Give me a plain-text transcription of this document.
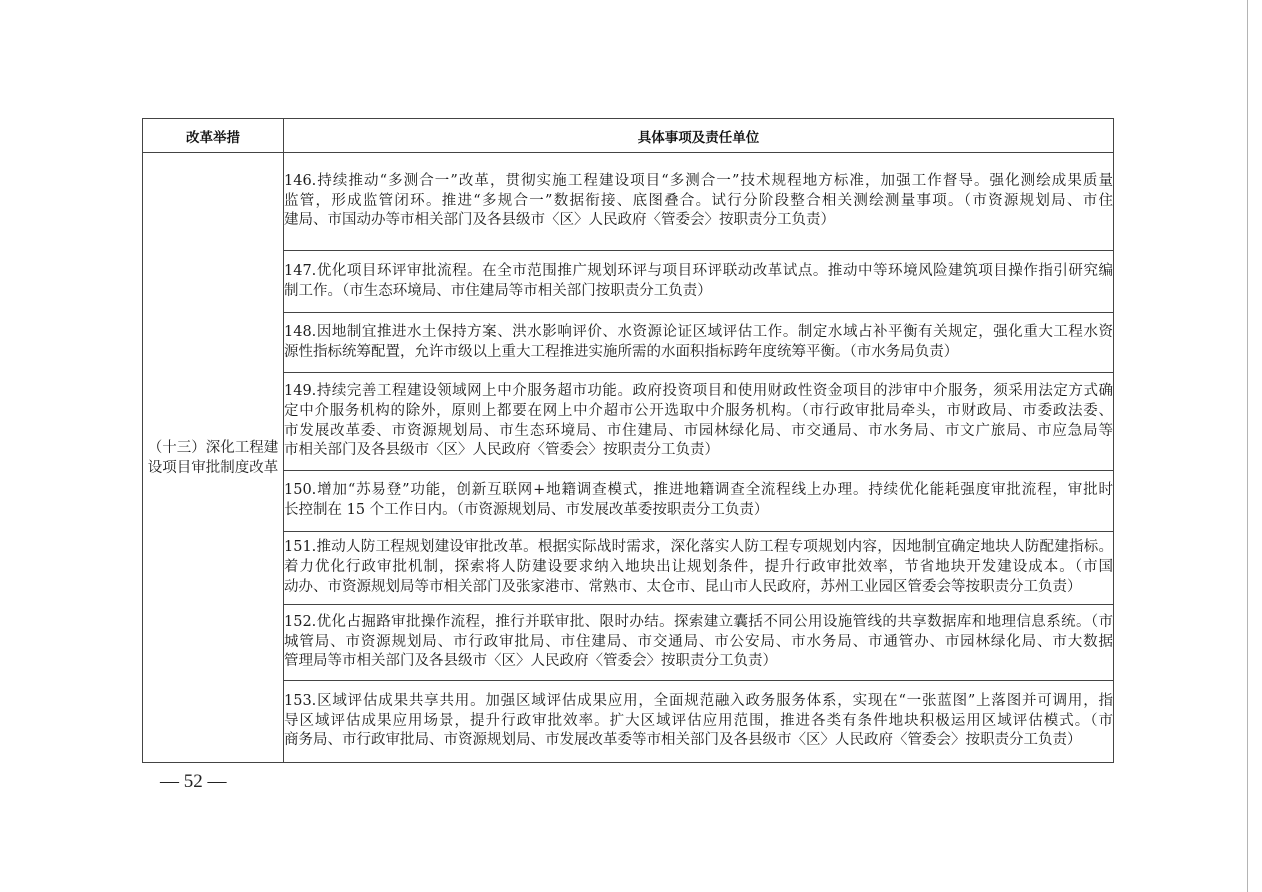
改革举措	具体事项及责任单位

（十三）深化工程建
设项目审批制度改革	146.持续推动“多测合一”改革，贯彻实施工程建设项目“多测合一”技术规程地方标准，加强工作督导。强化测绘成果质量
监管，形成监管闭环。推进“多规合一”数据衔接、底图叠合。试行分阶段整合相关测绘测量事项。（市资源规划局、市住
建局、市国动办等市相关部门及各县级市〈区〉人民政府〈管委会〉按职责分工负责）

	147.优化项目环评审批流程。在全市范围推广规划环评与项目环评联动改革试点。推动中等环境风险建筑项目操作指引研究编
制工作。（市生态环境局、市住建局等市相关部门按职责分工负责）

	148.因地制宜推进水土保持方案、洪水影响评价、水资源论证区域评估工作。制定水域占补平衡有关规定，强化重大工程水资
源性指标统筹配置，允许市级以上重大工程推进实施所需的水面积指标跨年度统筹平衡。（市水务局负责）

	149.持续完善工程建设领域网上中介服务超市功能。政府投资项目和使用财政性资金项目的涉审中介服务，须采用法定方式确
定中介服务机构的除外，原则上都要在网上中介超市公开选取中介服务机构。（市行政审批局牵头，市财政局、市委政法委、
市发展改革委、市资源规划局、市生态环境局、市住建局、市园林绿化局、市交通局、市水务局、市文广旅局、市应急局等
市相关部门及各县级市〈区〉人民政府〈管委会〉按职责分工负责）

	150.增加“苏易登”功能，创新互联网+地籍调查模式，推进地籍调查全流程线上办理。持续优化能耗强度审批流程，审批时
长控制在 15 个工作日内。（市资源规划局、市发展改革委按职责分工负责）

	151.推动人防工程规划建设审批改革。根据实际战时需求，深化落实人防工程专项规划内容，因地制宜确定地块人防配建指标。
着力优化行政审批机制，探索将人防建设要求纳入地块出让规划条件，提升行政审批效率，节省地块开发建设成本。（市国
动办、市资源规划局等市相关部门及张家港市、常熟市、太仓市、昆山市人民政府，苏州工业园区管委会等按职责分工负责）

	152.优化占掘路审批操作流程，推行并联审批、限时办结。探索建立囊括不同公用设施管线的共享数据库和地理信息系统。（市
城管局、市资源规划局、市行政审批局、市住建局、市交通局、市公安局、市水务局、市通管办、市园林绿化局、市大数据
管理局等市相关部门及各县级市〈区〉人民政府〈管委会〉按职责分工负责）

	153.区域评估成果共享共用。加强区域评估成果应用，全面规范融入政务服务体系，实现在“一张蓝图”上落图并可调用，指
导区域评估成果应用场景，提升行政审批效率。扩大区域评估应用范围，推进各类有条件地块积极运用区域评估模式。（市
商务局、市行政审批局、市资源规划局、市发展改革委等市相关部门及各县级市〈区〉人民政府〈管委会〉按职责分工负责）
— 52 —
